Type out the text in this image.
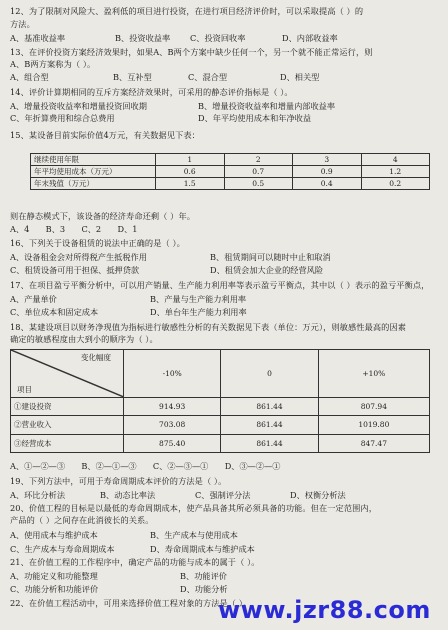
12、为了限制对风险大、盈利低的项目进行投资，在进行项目经济评价时，可以采取提高（ ）的
方法。
13、在评价投资方案经济效果时，如果A、B两个方案中缺少任何一个，另一个就不能正常运行，则
A、B两方案称为（ ）。
14、评价计算期相同的互斥方案经济效果时，可采用的静态评价指标是（ ）。
15、某设备目前实际价值4万元，有关数据见下表：
则在静态模式下，该设备的经济寿命还剩（ ）年。
16、下列关于设备租赁的说法中正确的是（ ）。
17、在项目盈亏平衡分析中，可以用产销量、生产能力利用率等表示盈亏平衡点，其中以（ ）表示的盈亏平衡点，
18、某建设项目以财务净现值为指标进行敏感性分析的有关数据见下表（单位：万元），则敏感性最高的因素
确定的敏感程度由大到小的顺序为（ ）。
19、下列方法中，可用于寿命周期成本评价的方法是（ ）。
20、价值工程的目标是以最低的寿命周期成本，使产品具备其所必须具备的功能。但在一定范围内，
产品的（ ）之间存在此消彼长的关系。
21、在价值工程的工作程序中，确定产品的功能与成本的属于（ ）。
22、在价值工程活动中，可用来选择价值工程对象的方法是（ ）。
A、基准收益率	B、投资收益率 C、投资回收率	D、内部收益率
A、组合型	B、互补型	C、混合型	D、相关型
A、增量投资收益率和增量投资回收期	B、增量投资收益率和增量内部收益率
C、年折算费用和综合总费用	D、年平均使用成本和年净收益
A、4　　B、3　　C、2　　D、1
A、设备租金会对所得税产生抵税作用	B、租赁期间可以随时中止和取消
C、租赁设备可用于担保、抵押贷款	D、租赁会加大企业的经营风险
A、产量单价	B、产量与生产能力利用率
C、单位成本和固定成本	D、单台年生产能力利用率
A、①—②—③　　B、②—①—③　　C、②—③—①　　D、③—②—①
A、环比分析法	B、动态比率法	C、强制评分法	D、权衡分析法
A、使用成本与维护成本	B、生产成本与使用成本
C、生产成本与寿命周期成本	D、寿命周期成本与维护成本
A、功能定义和功能整理	B、功能评价
C、功能分析和功能评价	D、功能分析
继续使用年限	1	2	3	4
年平均使用成本（万元）	0.6	0.7	0.9	1.2
年末残值（万元）	1.5	0.5	0.4	0.2
变化幅度
项目	-10%	0	+10%
①建设投资	914.93	861.44	807.94
②营业收入	703.08	861.44	1019.80
③经营成本	875.40	861.44	847.47
www.jzr88.com
